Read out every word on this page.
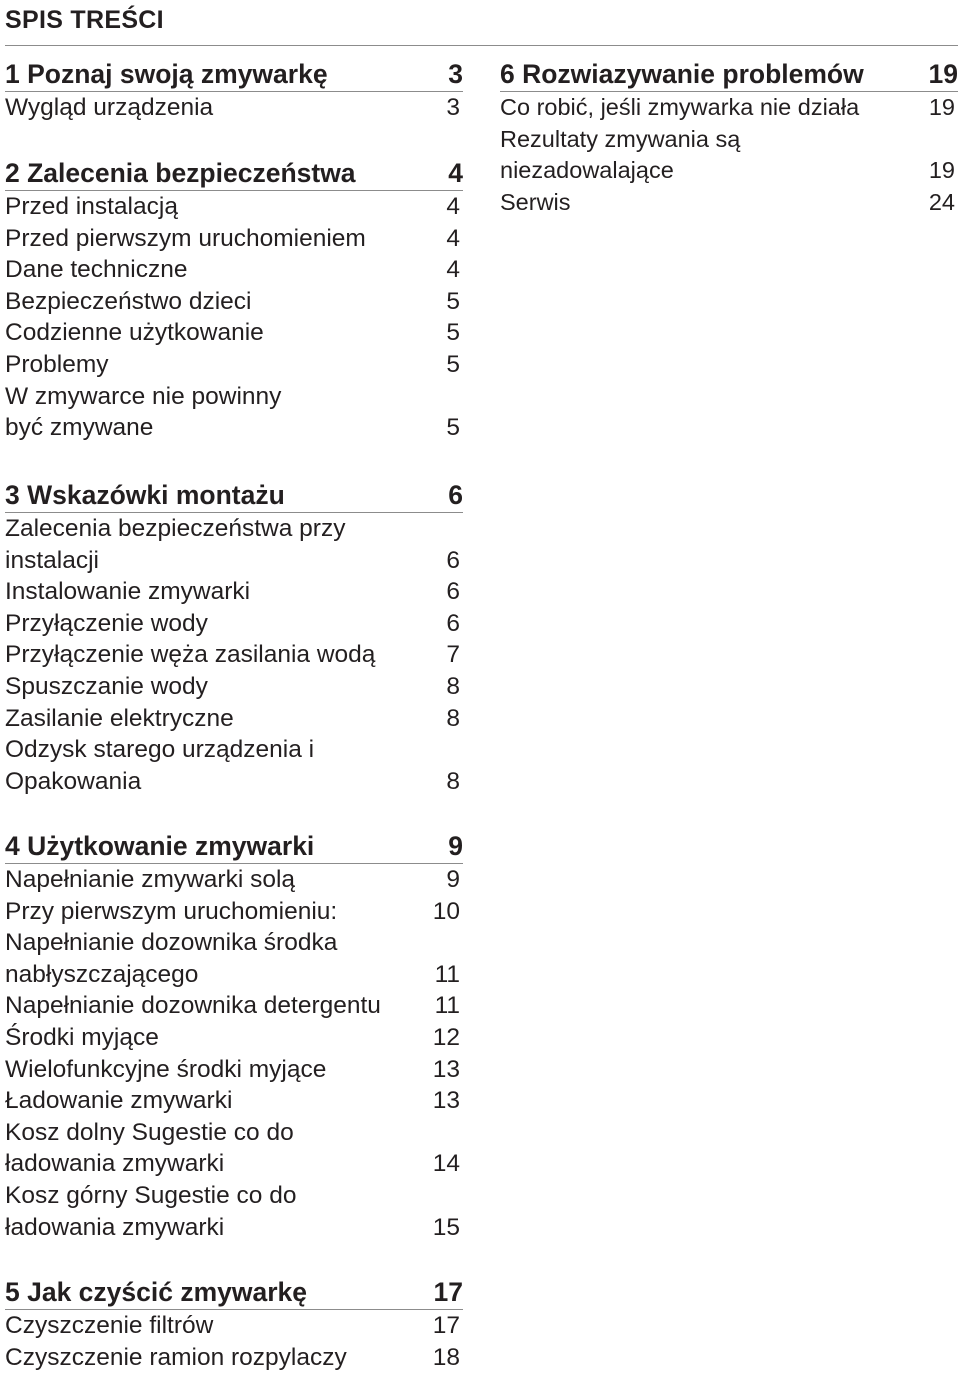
SPIS TREŚCI
1 Poznaj swoją zmywarkę	3
Wygląd urządzenia	3
2 Zalecenia bezpieczeństwa	4
Przed instalacją	4
Przed pierwszym uruchomieniem	4
Dane techniczne	4
Bezpieczeństwo dzieci	5
Codzienne użytkowanie	5
Problemy	5
W zmywarce nie powinny
być zmywane	5
3 Wskazówki montażu	6
Zalecenia bezpieczeństwa przy
instalacji	6
Instalowanie zmywarki	6
Przyłączenie wody	6
Przyłączenie węża zasilania wodą	7
Spuszczanie wody	8
Zasilanie elektryczne	8
Odzysk starego urządzenia i
Opakowania	8
4 Użytkowanie zmywarki	9
Napełnianie zmywarki solą	9
Przy pierwszym uruchomieniu:	10
Napełnianie dozownika środka
nabłyszczającego	11
Napełnianie dozownika detergentu 11
Środki myjące	12
Wielofunkcyjne środki myjące	13
Ładowanie zmywarki	13
Kosz dolny Sugestie co do
ładowania zmywarki	14
Kosz górny Sugestie co do
ładowania zmywarki	15
5 Jak czyścić zmywarkę	17
Czyszczenie filtrów	17
Czyszczenie ramion rozpylaczy	18
6 Rozwiazywanie problemów 19
Co robić, jeśli zmywarka nie działa	19
Rezultaty zmywania są
niezadowalające	19
Serwis	24
